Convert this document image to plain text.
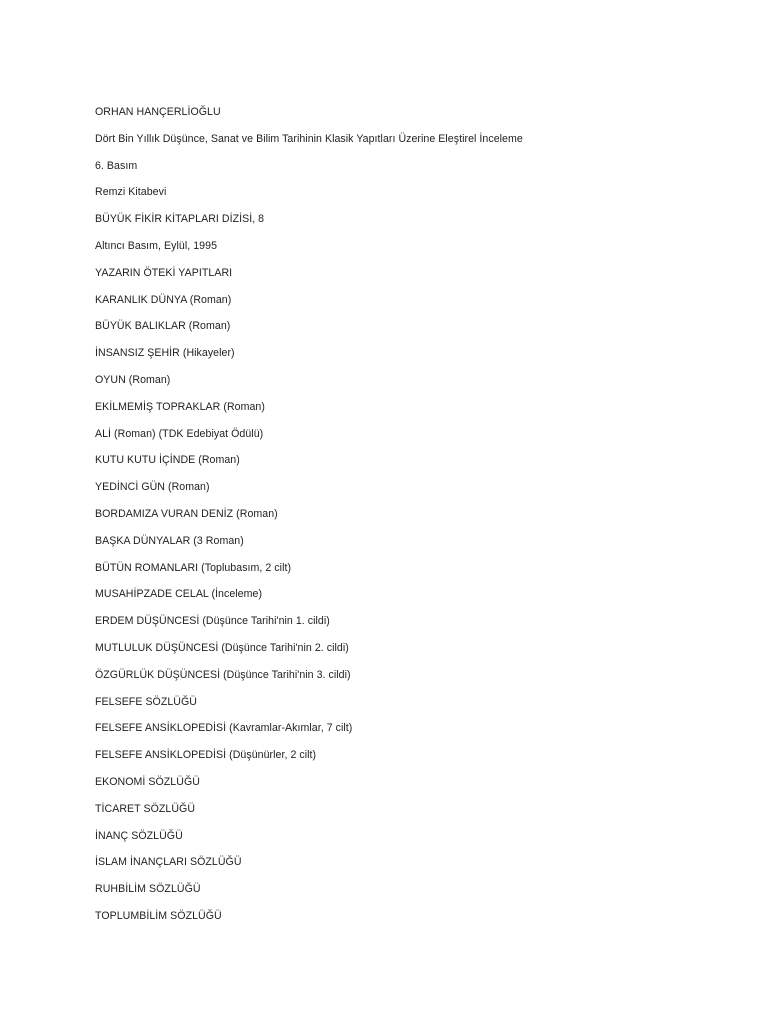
ORHAN HANÇERLİOĞLU
Dört Bin Yıllık Düşünce, Sanat ve Bilim Tarihinin Klasik Yapıtları Üzerine Eleştirel İnceleme
6. Basım
Remzi Kitabevi
BÜYÜK FİKİR KİTAPLARI DİZİSİ, 8
Altıncı Basım, Eylül, 1995
YAZARIN ÖTEKİ YAPITLARI
KARANLIK DÜNYA (Roman)
BÜYÜK BALIKLAR (Roman)
İNSANSIZ ŞEHİR (Hikayeler)
OYUN (Roman)
EKİLMEMİŞ TOPRAKLAR (Roman)
ALİ (Roman) (TDK Edebiyat Ödülü)
KUTU KUTU İÇİNDE (Roman)
YEDİNCİ GÜN (Roman)
BORDAMIZA VURAN DENİZ (Roman)
BAŞKA DÜNYALAR (3 Roman)
BÜTÜN ROMANLARI (Toplubasım, 2 cilt)
MUSAHİPZADE CELAL (İnceleme)
ERDEM DÜŞÜNCESİ (Düşünce Tarihi'nin 1. cildi)
MUTLULUK DÜŞÜNCESİ (Düşünce Tarihi'nin 2. cildi)
ÖZGÜRLÜK DÜŞÜNCESİ (Düşünce Tarihi'nin 3. cildi)
FELSEFE SÖZLÜĞÜ
FELSEFE ANSİKLOPEDİSİ (Kavramlar-Akımlar, 7 cilt)
FELSEFE ANSİKLOPEDİSİ (Düşünürler, 2 cilt)
EKONOMİ SÖZLÜĞÜ
TİCARET SÖZLÜĞÜ
İNANÇ SÖZLÜĞÜ
İSLAM İNANÇLARI SÖZLÜĞÜ
RUHBİLİM SÖZLÜĞÜ
TOPLUMBİLİM SÖZLÜĞÜ
